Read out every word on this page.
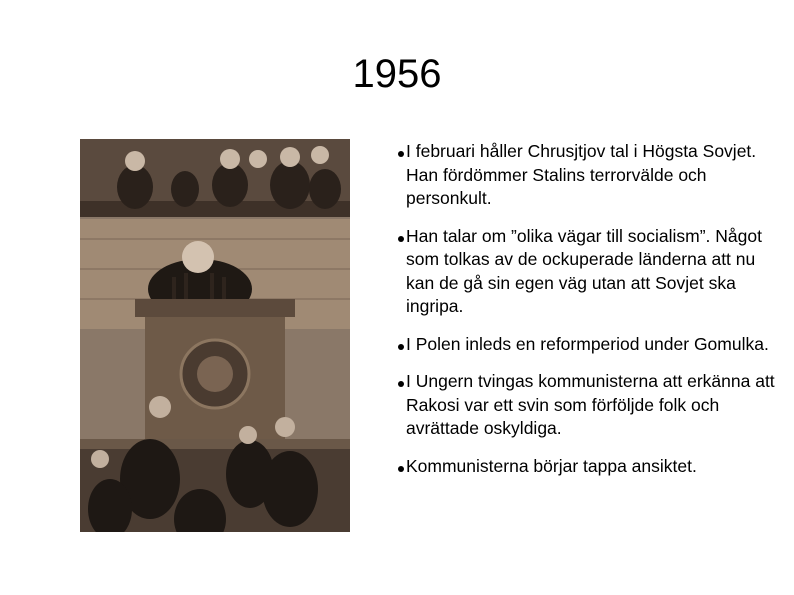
1956
I februari håller Chrusjtjov tal i Högsta Sovjet. Han fördömmer Stalins terrorvälde och personkult.
Han talar om ”olika vägar till socialism”. Något som tolkas av de ockuperade länderna att nu kan de gå sin egen väg utan att Sovjet ska ingripa.
I Polen inleds en reformperiod under Gomulka.
I Ungern tvingas kommunisterna att erkänna att Rakosi var ett svin som förföljde folk och avrättade oskyldiga.
Kommunisterna börjar tappa ansiktet.
